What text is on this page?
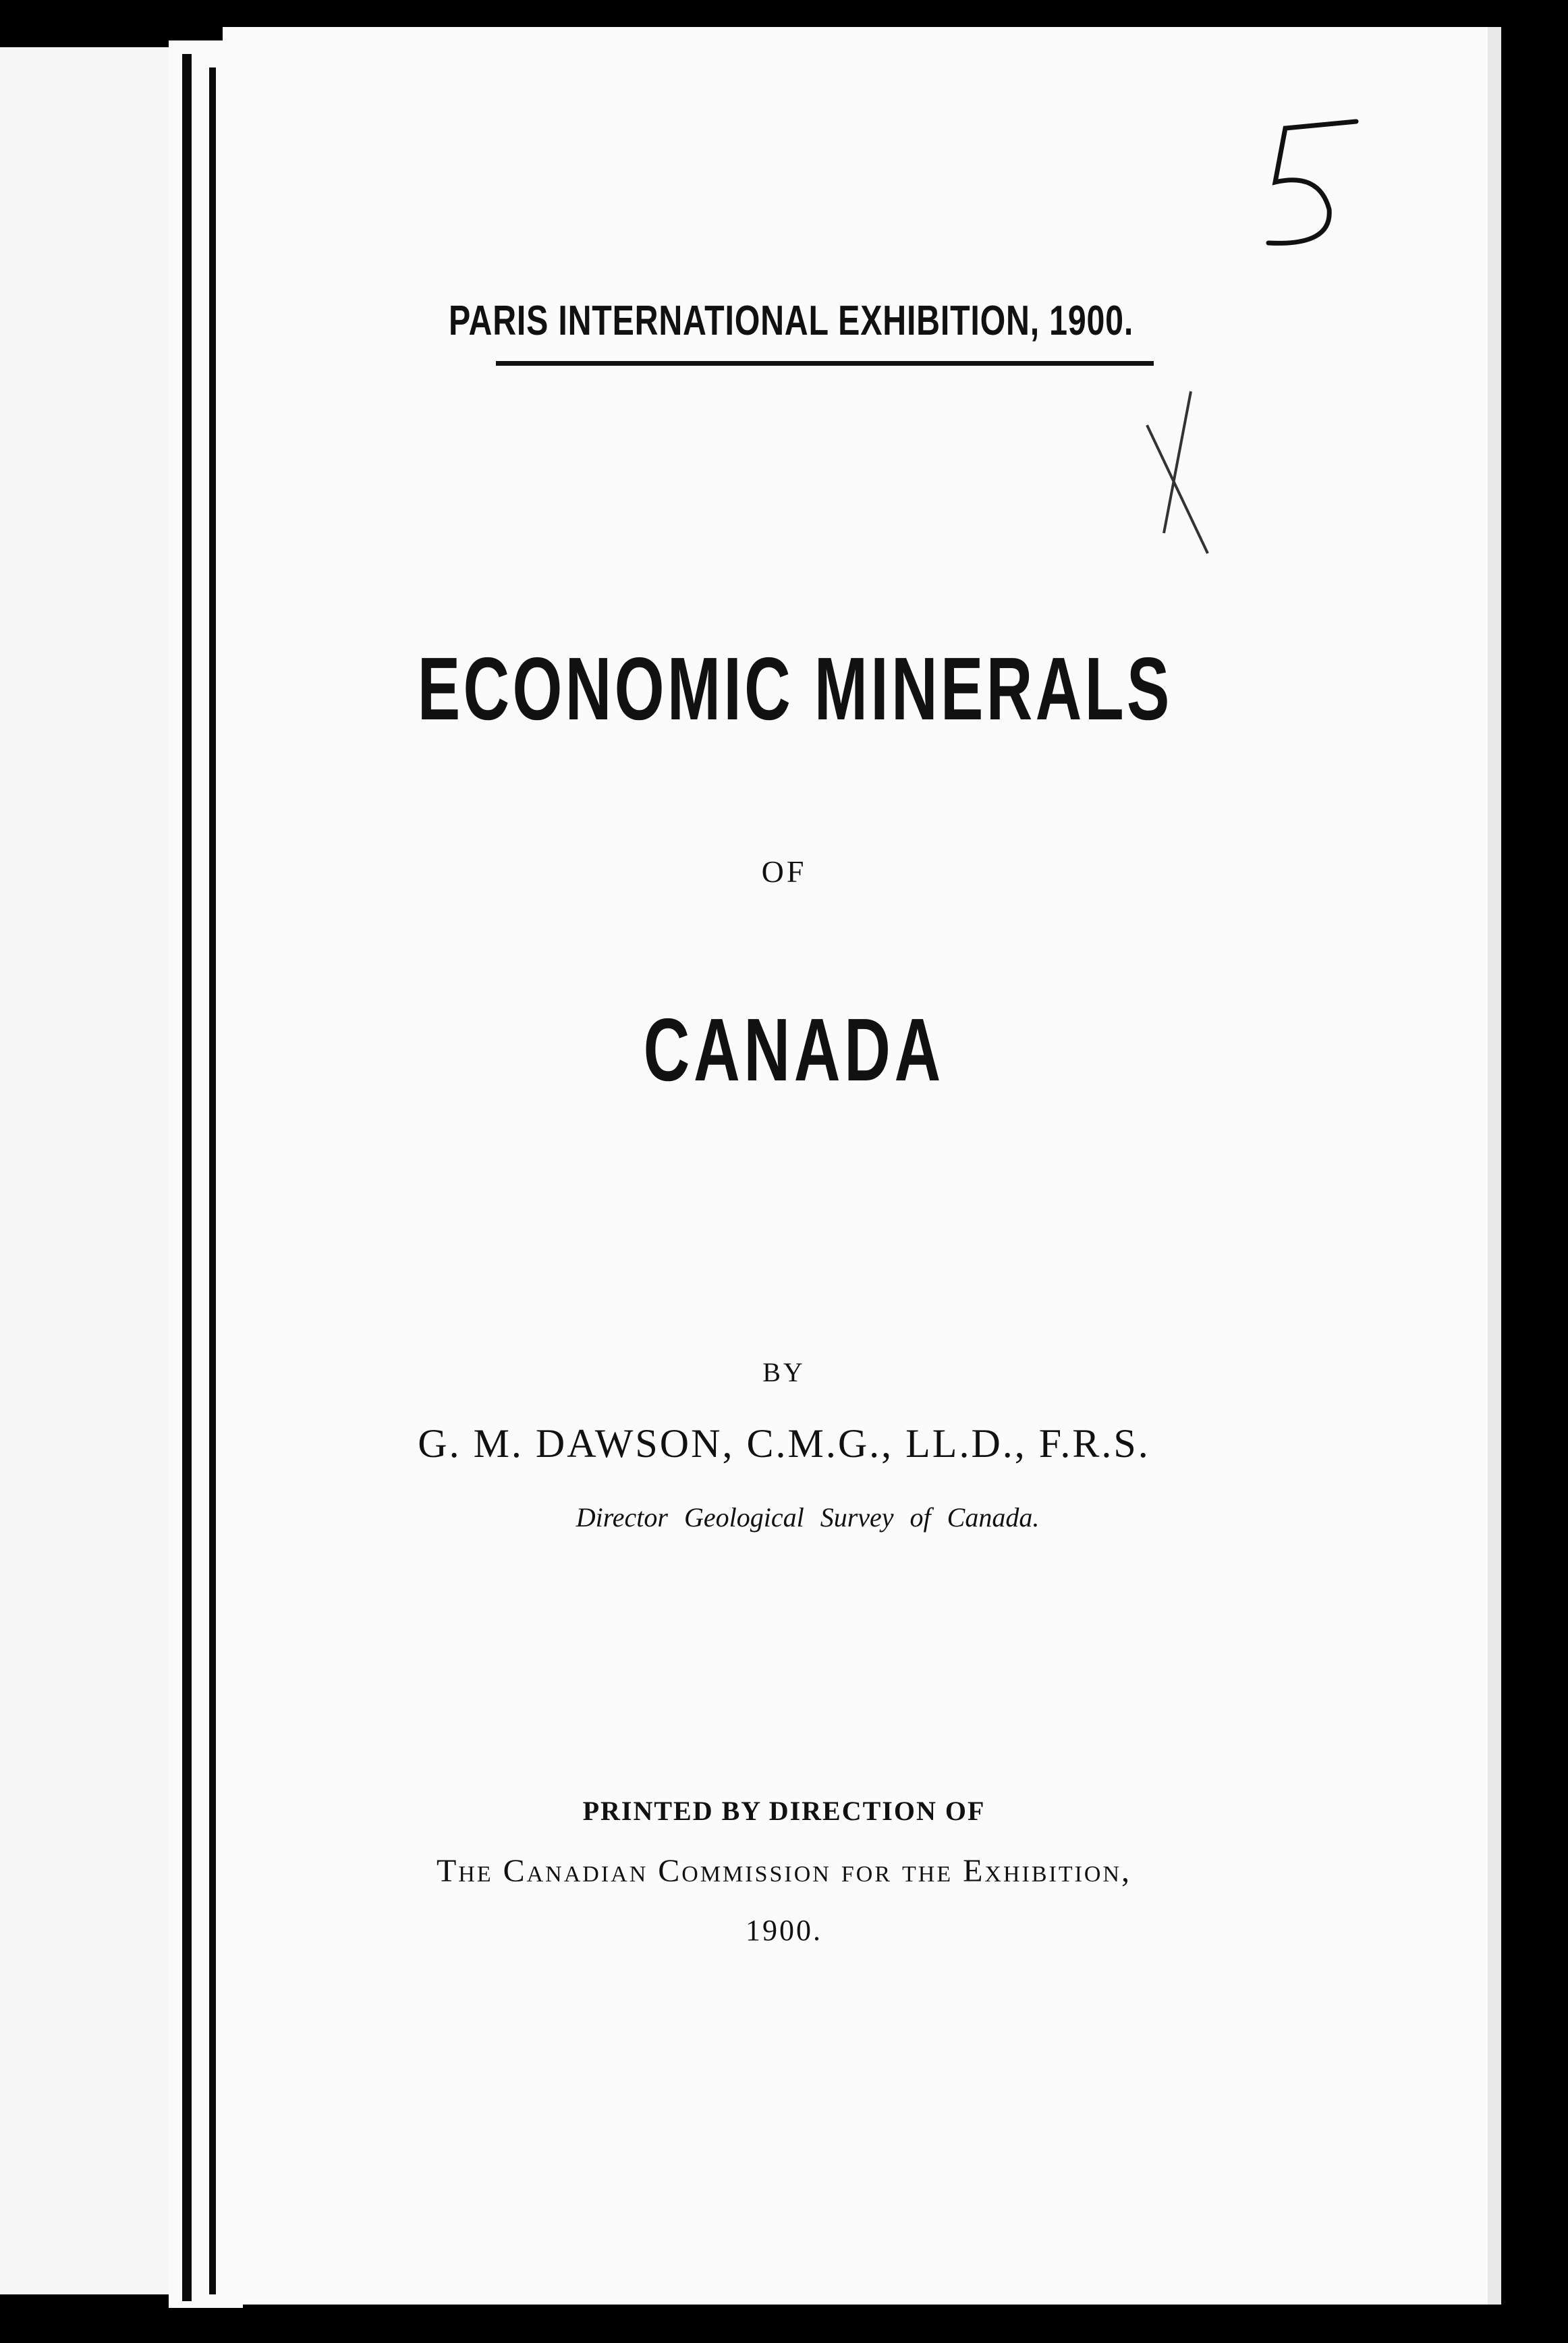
PARIS INTERNATIONAL EXHIBITION, 1900.
ECONOMIC MINERALS
OF
CANADA
BY
G. M. DAWSON, C.M.G., LL.D., F.R.S.
Director Geological Survey of Canada.
PRINTED BY DIRECTION OF
The Canadian Commission for the Exhibition,
1900.
